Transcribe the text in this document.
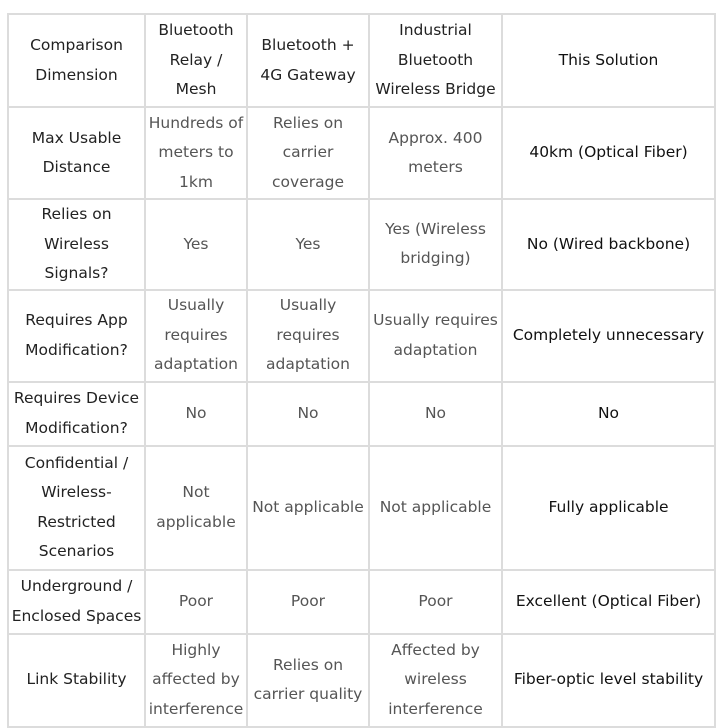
Comparison Dimension	Bluetooth Relay / Mesh	Bluetooth + 4G Gateway	Industrial Bluetooth Wireless Bridge	This Solution
Max Usable Distance	Hundreds of meters to 1km	Relies on carrier coverage	Approx. 400 meters	40km (Optical Fiber)
Relies on Wireless Signals?	Yes	Yes	Yes (Wireless bridging)	No (Wired backbone)
Requires App Modification?	Usually requires adaptation	Usually requires adaptation	Usually requires adaptation	Completely unnecessary
Requires Device Modification?	No	No	No	No
Confidential / Wireless-Restricted Scenarios	Not applicable	Not applicable	Not applicable	Fully applicable
Underground / Enclosed Spaces	Poor	Poor	Poor	Excellent (Optical Fiber)
Link Stability	Highly affected by interference	Relies on carrier quality	Affected by wireless interference	Fiber-optic level stability
